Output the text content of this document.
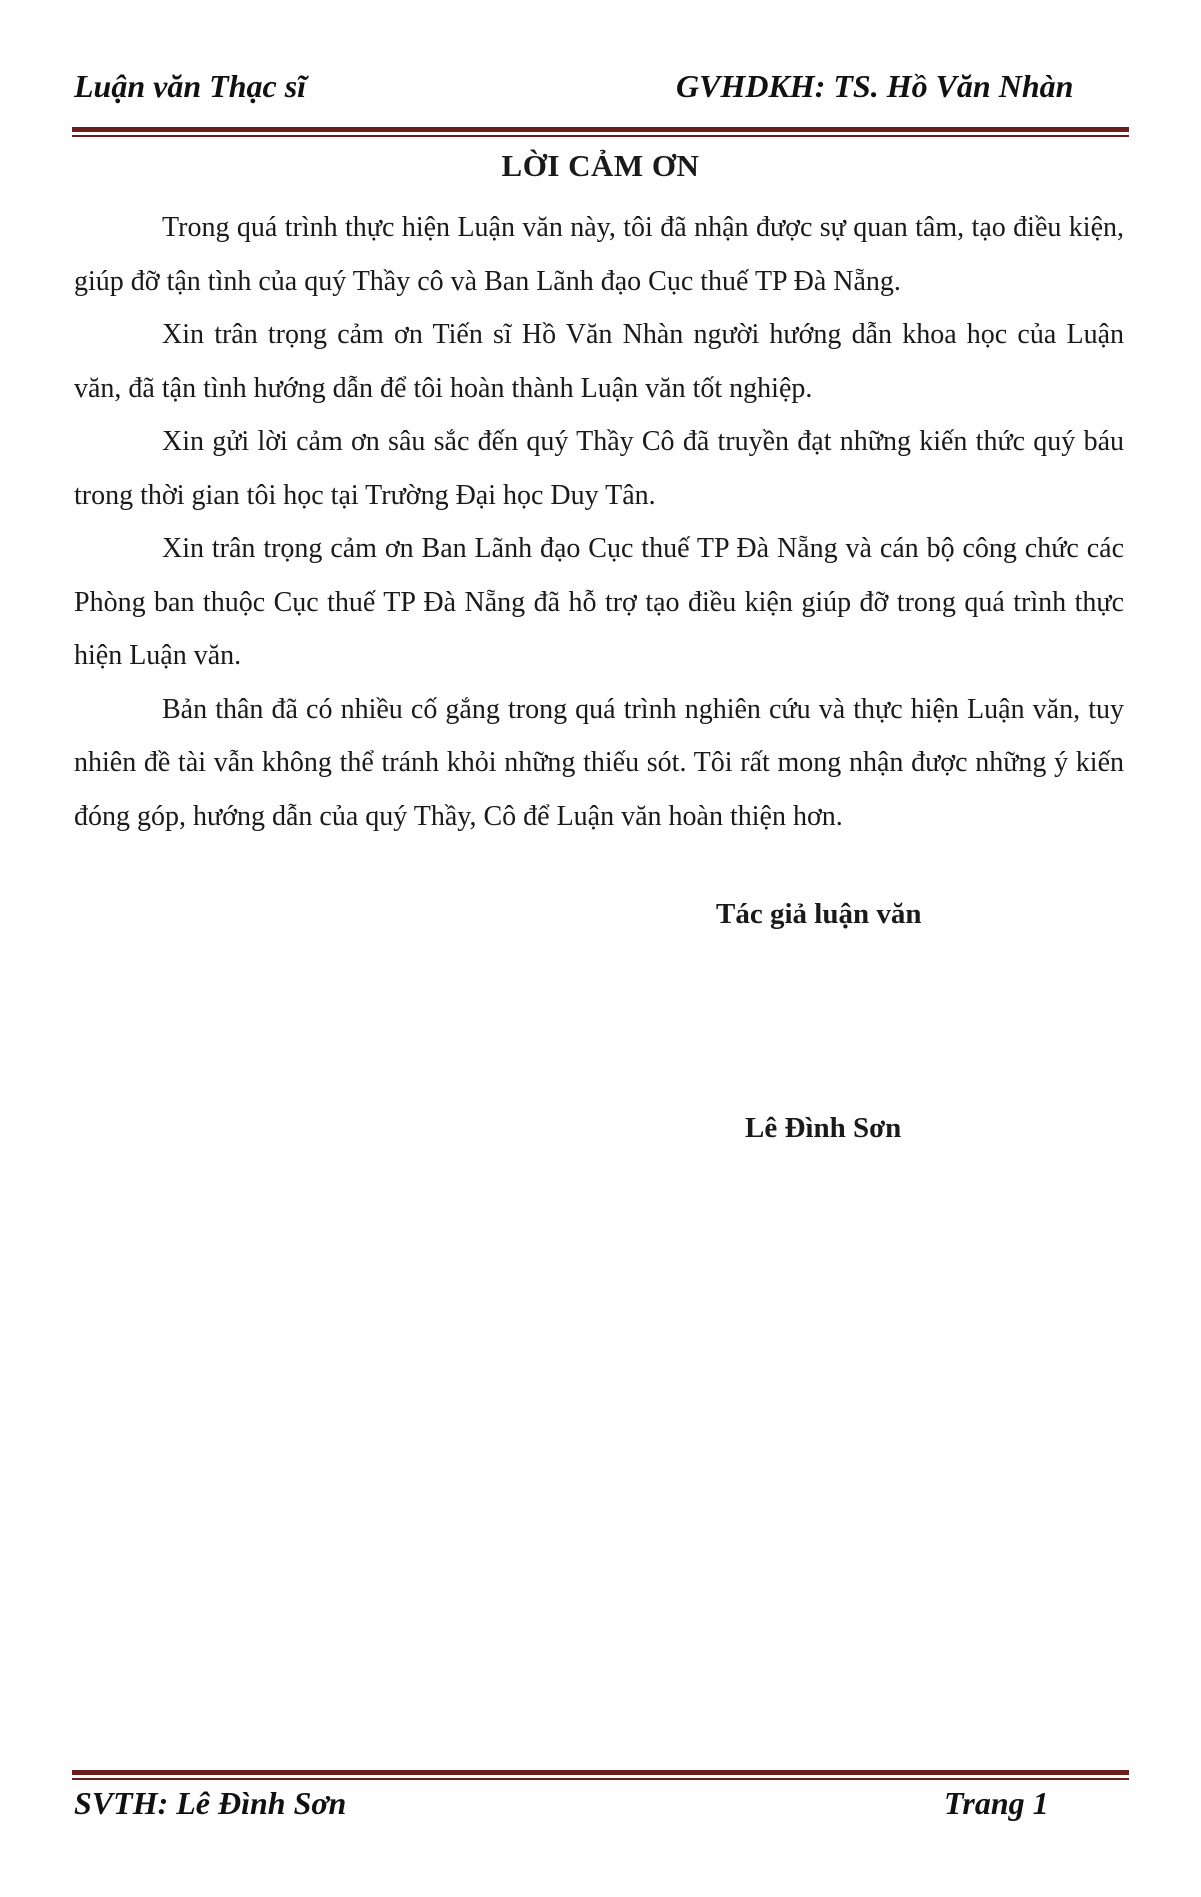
Luận văn Thạc sĩ	GVHDKH: TS. Hồ Văn Nhàn
LỜI CẢM ƠN

Trong quá trình thực hiện Luận văn này, tôi đã nhận được sự quan tâm, tạo điều kiện, giúp đỡ tận tình của quý Thầy cô và Ban Lãnh đạo Cục thuế TP Đà Nẵng.

Xin trân trọng cảm ơn Tiến sĩ Hồ Văn Nhàn người hướng dẫn khoa học của Luận văn, đã tận tình hướng dẫn để tôi hoàn thành Luận văn tốt nghiệp.

Xin gửi lời cảm ơn sâu sắc đến quý Thầy Cô đã truyền đạt những kiến thức quý báu trong thời gian tôi học tại Trường Đại học Duy Tân.

Xin trân trọng cảm ơn Ban Lãnh đạo Cục thuế TP Đà Nẵng và cán bộ công chức các Phòng ban thuộc Cục thuế TP Đà Nẵng đã hỗ trợ tạo điều kiện giúp đỡ trong quá trình thực hiện Luận văn.

Bản thân đã có nhiều cố gắng trong quá trình nghiên cứu và thực hiện Luận văn, tuy nhiên đề tài vẫn không thể tránh khỏi những thiếu sót. Tôi rất mong nhận được những ý kiến đóng góp, hướng dẫn của quý Thầy, Cô để Luận văn hoàn thiện hơn.

Tác giả luận văn
Lê Đình Sơn
SVTH: Lê Đình Sơn	Trang 1
